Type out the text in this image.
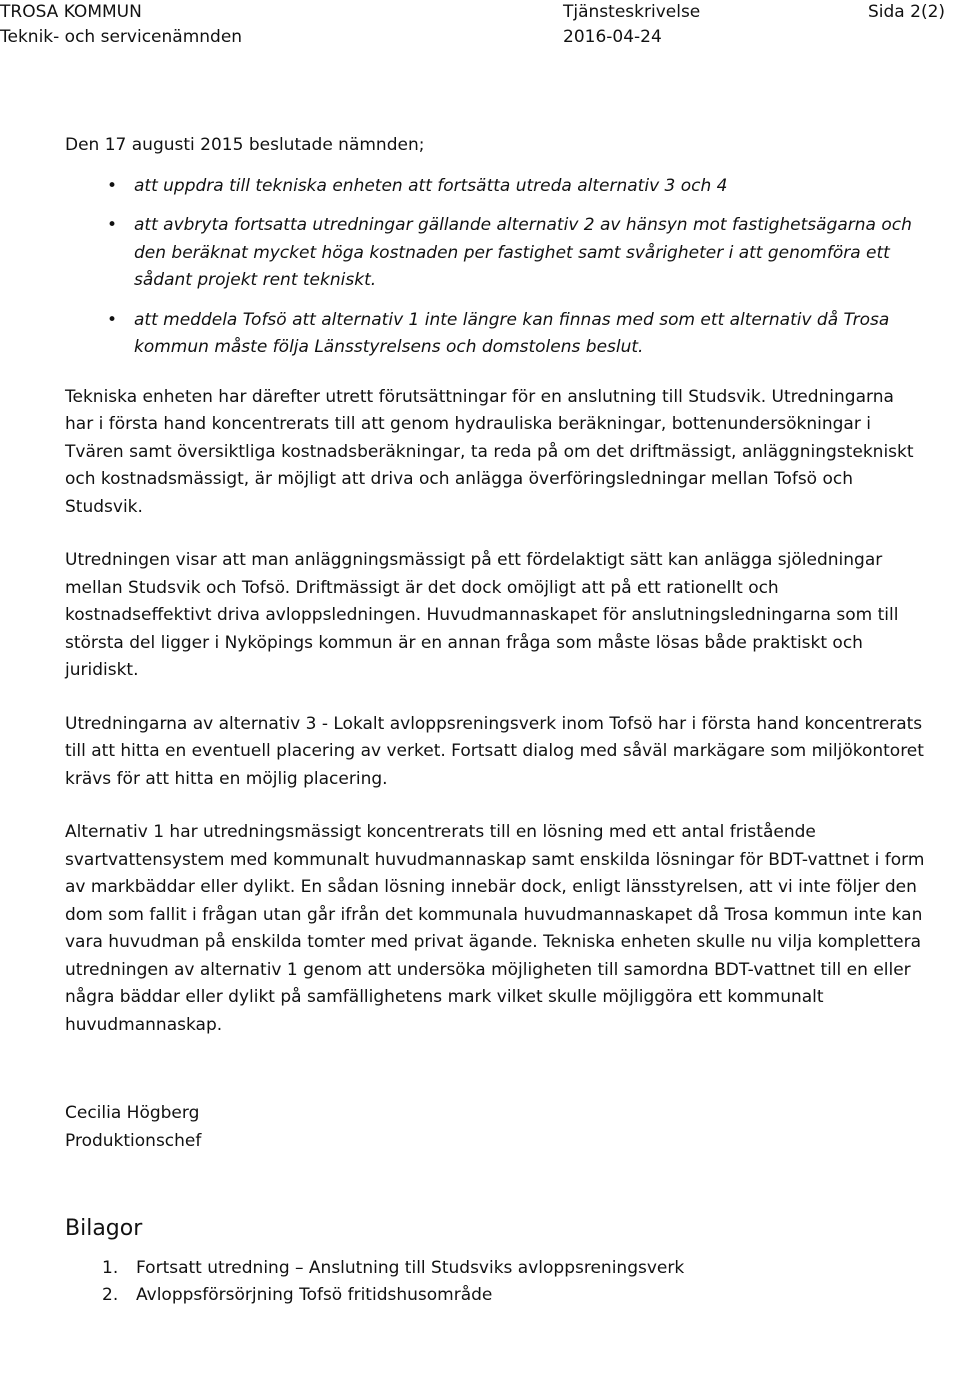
TROSA KOMMUN
Teknik- och servicenämnden
Tjänsteskrivelse
2016-04-24
Sida 2(2)

Den 17 augusti 2015 beslutade nämnden;

• att uppdra till tekniska enheten att fortsätta utreda alternativ 3 och 4
• att avbryta fortsatta utredningar gällande alternativ 2 av hänsyn mot fastighetsägarna och den beräknat mycket höga kostnaden per fastighet samt svårigheter i att genomföra ett sådant projekt rent tekniskt.
• att meddela Tofsö att alternativ 1 inte längre kan finnas med som ett alternativ då Trosa kommun måste följa Länsstyrelsens och domstolens beslut.

Tekniska enheten har därefter utrett förutsättningar för en anslutning till Studsvik. Utredningarna har i första hand koncentrerats till att genom hydrauliska beräkningar, bottenundersökningar i Tvären samt översiktliga kostnadsberäkningar, ta reda på om det driftmässigt, anläggningstekniskt och kostnadsmässigt, är möjligt att driva och anlägga överföringsledningar mellan Tofsö och Studsvik.

Utredningen visar att man anläggningsmässigt på ett fördelaktigt sätt kan anlägga sjöledningar mellan Studsvik och Tofsö. Driftmässigt är det dock omöjligt att på ett rationellt och kostnadseffektivt driva avloppsledningen. Huvudmannaskapet för anslutningsledningarna som till största del ligger i Nyköpings kommun är en annan fråga som måste lösas både praktiskt och juridiskt.

Utredningarna av alternativ 3 - Lokalt avloppsreningsverk inom Tofsö har i första hand koncentrerats till att hitta en eventuell placering av verket. Fortsatt dialog med såväl markägare som miljökontoret krävs för att hitta en möjlig placering.

Alternativ 1 har utredningsmässigt koncentrerats till en lösning med ett antal fristående svartvattensystem med kommunalt huvudmannaskap samt enskilda lösningar för BDT-vattnet i form av markbäddar eller dylikt. En sådan lösning innebär dock, enligt länsstyrelsen, att vi inte följer den dom som fallit i frågan utan går ifrån det kommunala huvudmannaskapet då Trosa kommun inte kan vara huvudman på enskilda tomter med privat ägande. Tekniska enheten skulle nu vilja komplettera utredningen av alternativ 1 genom att undersöka möjligheten till samordna BDT-vattnet till en eller några bäddar eller dylikt på samfällighetens mark vilket skulle möjliggöra ett kommunalt huvudmannaskap.

Cecilia Högberg
Produktionschef
Bilagor
1. Fortsatt utredning – Anslutning till Studsviks avloppsreningsverk
2. Avloppsförsörjning Tofsö fritidshusområde
